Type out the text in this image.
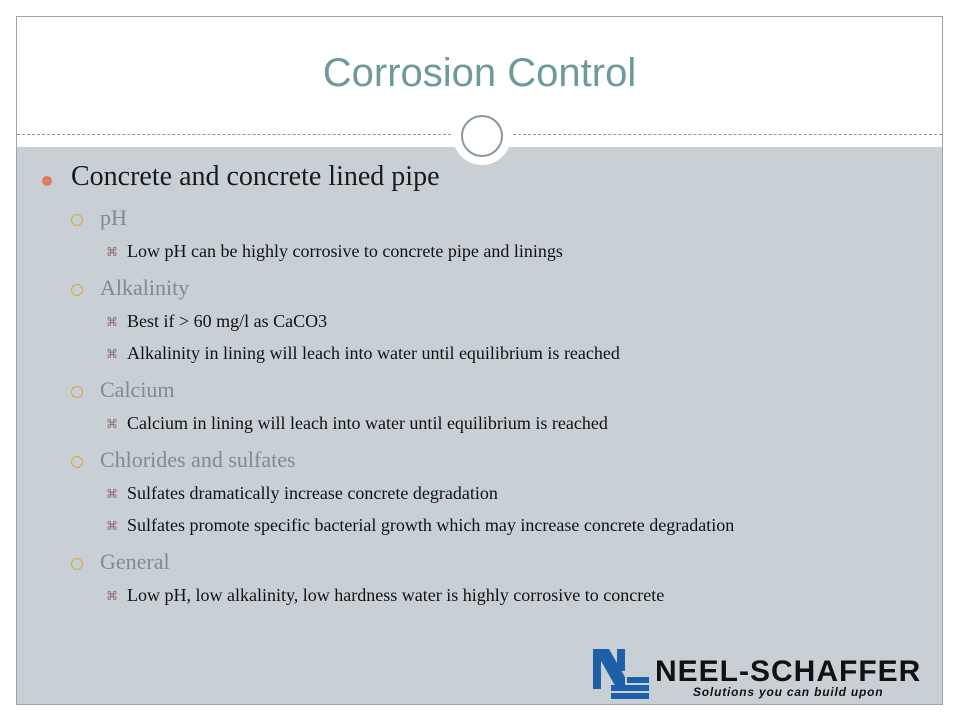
Corrosion Control
Concrete and concrete lined pipe
pH
⌘ Low pH can be highly corrosive to concrete pipe and linings
Alkalinity
⌘ Best if > 60 mg/l as CaCO3
⌘ Alkalinity in lining will leach into water until equilibrium is reached
Calcium
⌘ Calcium in lining will leach into water until equilibrium is reached
Chlorides and sulfates
⌘ Sulfates dramatically increase concrete degradation
⌘ Sulfates promote specific bacterial growth which may increase concrete degradation
General
⌘ Low pH, low alkalinity, low hardness water is highly corrosive to concrete
NEEL-SCHAFFER
Solutions you can build upon
